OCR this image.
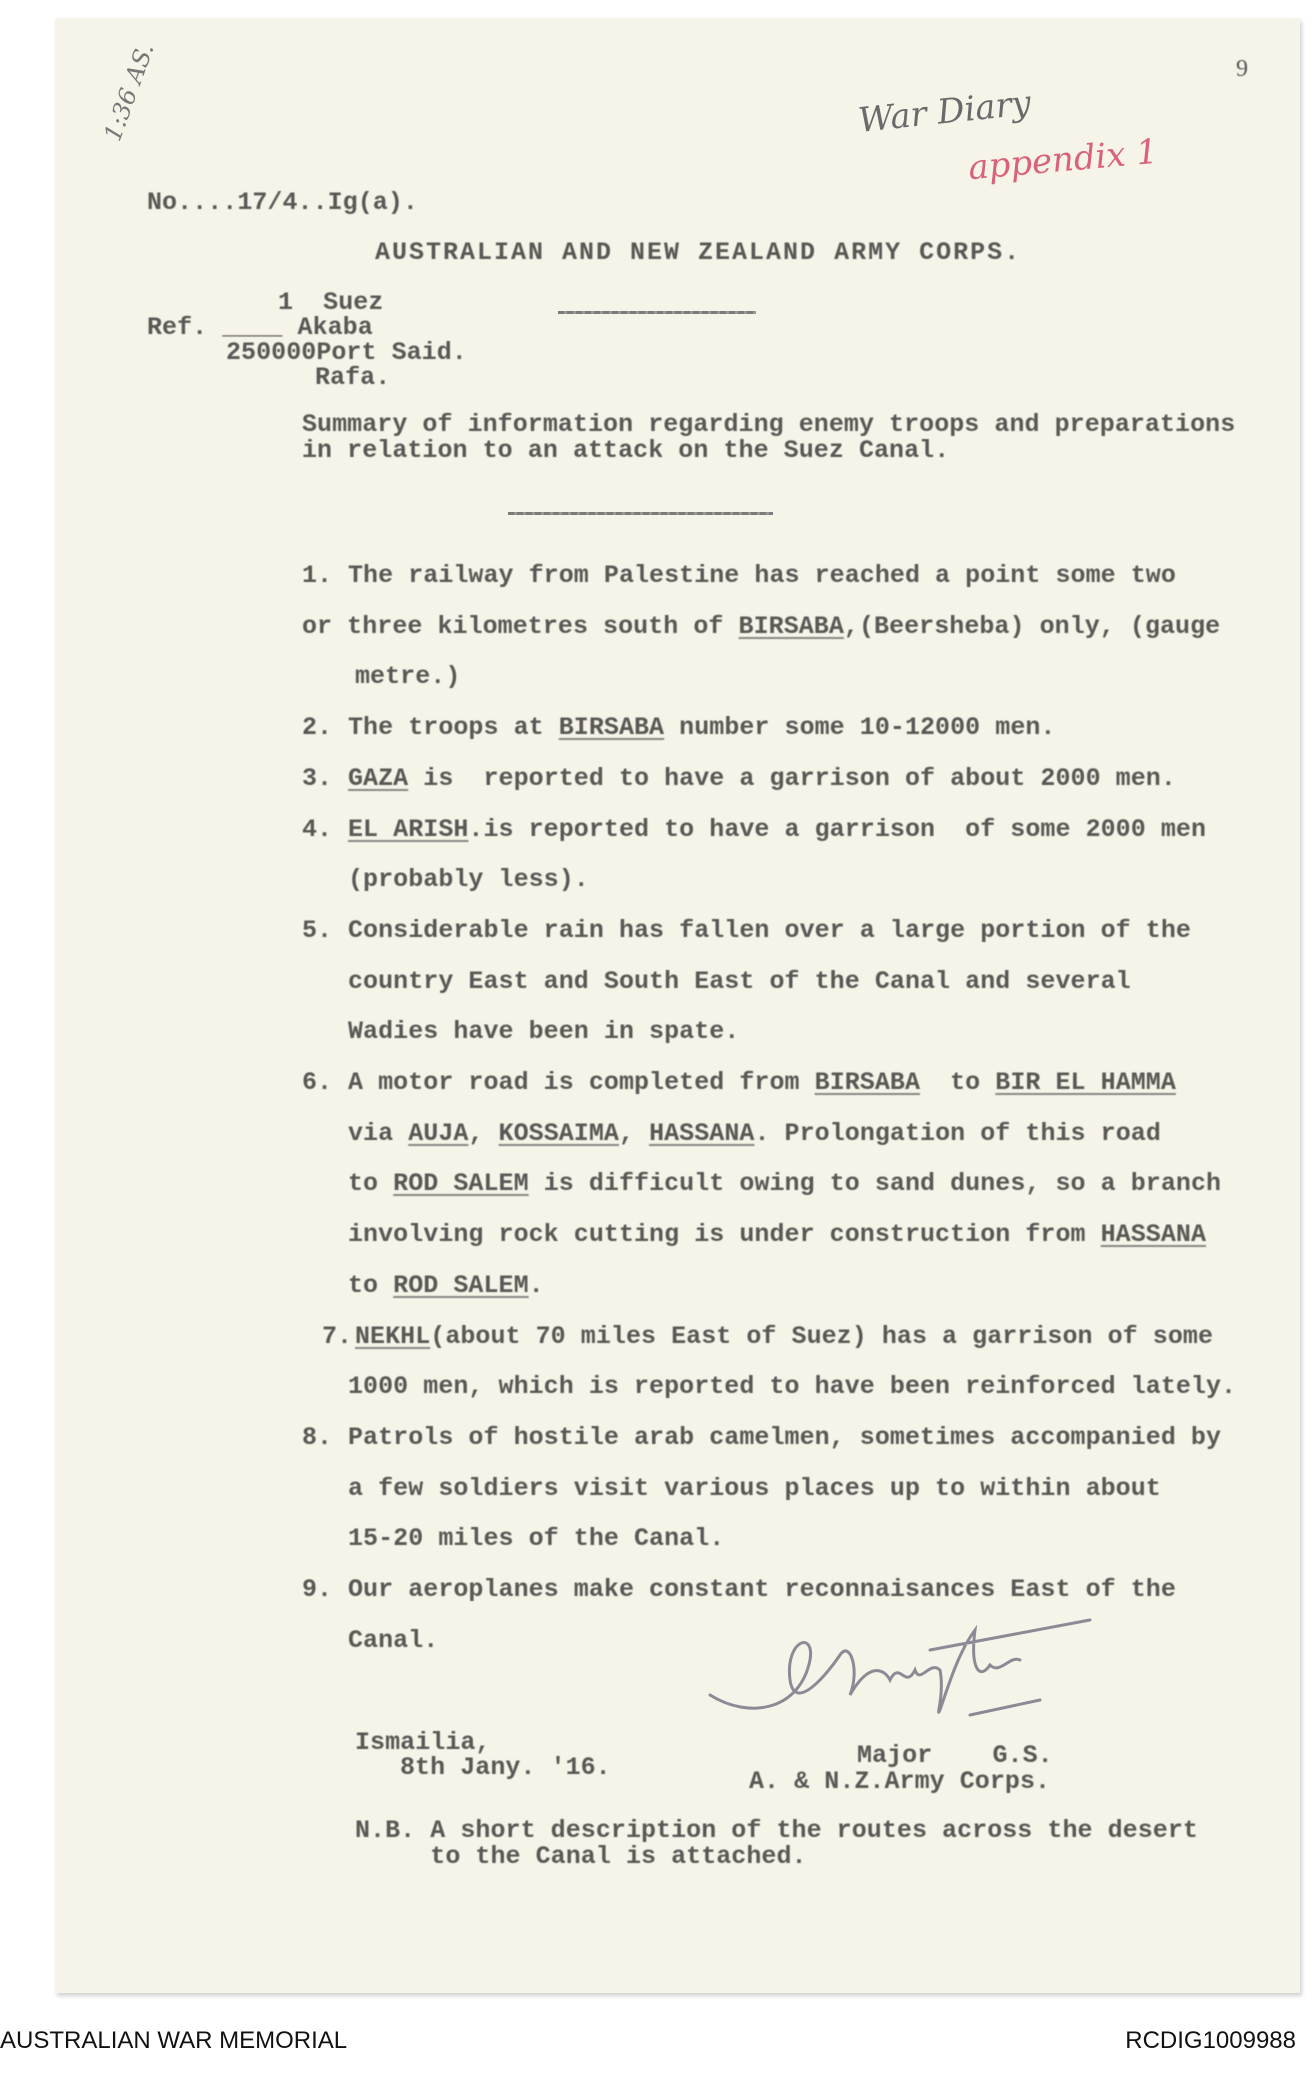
9
War Diary
appendix 1
1:36 AS.
No....17/4..Ig(a).
AUSTRALIAN AND NEW ZEALAND ARMY CORPS.
1  Suez
Ref. ____ Akaba
250000Port Said.
Rafa.
Summary of information regarding enemy troops and preparations
in relation to an attack on the Suez Canal.
1. The railway from Palestine has reached a point some two
or three kilometres south of BIRSABA,(Beersheba) only, (gauge
metre.)
2. The troops at BIRSABA number some 10-12000 men.
3. GAZA is  reported to have a garrison of about 2000 men.
4. EL ARISH.is reported to have a garrison  of some 2000 men
(probably less).
5. Considerable rain has fallen over a large portion of the
country East and South East of the Canal and several
Wadies have been in spate.
6. A motor road is completed from BIRSABA  to BIR EL HAMMA
via AUJA, KOSSAIMA, HASSANA. Prolongation of this road
to ROD SALEM is difficult owing to sand dunes, so a branch
involving rock cutting is under construction from HASSANA
to ROD SALEM.
7. NEKHL(about 70 miles East of Suez) has a garrison of some
1000 men, which is reported to have been reinforced lately.
8. Patrols of hostile arab camelmen, sometimes accompanied by
a few soldiers visit various places up to within about
15-20 miles of the Canal.
9. Our aeroplanes make constant reconnaisances East of the
Canal.
Ismailia,
8th Jany. '16.	Major    G.S.
A. & N.Z.Army Corps.
N.B. A short description of the routes across the desert
to the Canal is attached.
AUSTRALIAN WAR MEMORIAL	RCDIG1009988
